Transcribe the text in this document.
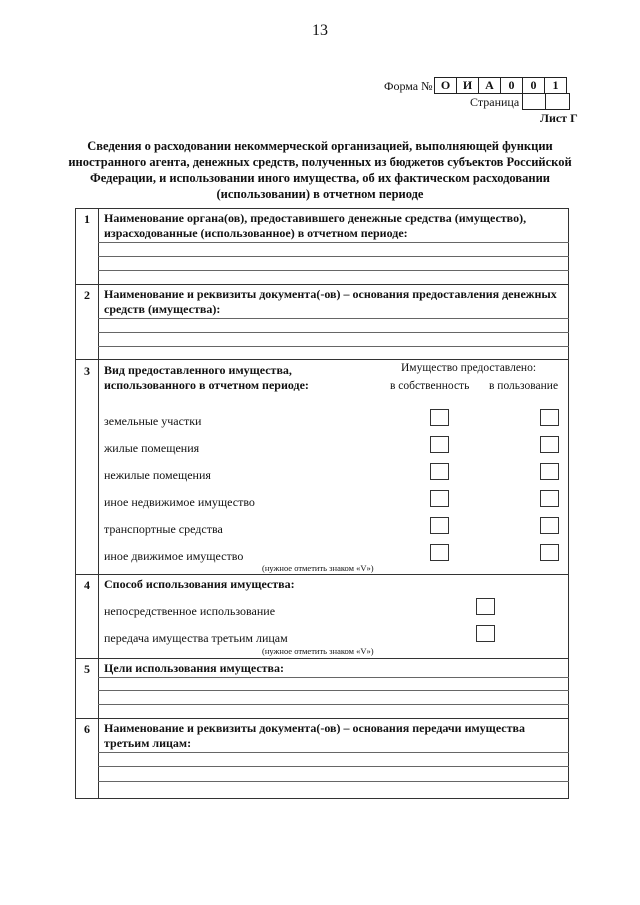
13
Форма № О	И	А	0	0	1
Страница
Лист Г
Сведения о расходовании некоммерческой организацией, выполняющей функции иностранного агента, денежных средств, полученных из бюджетов субъектов Российской Федерации, и использовании иного имущества, об их фактическом расходовании (использовании) в отчетном периоде
1	Наименование органа(ов), предоставившего денежные средства (имущество), израсходованные (использованное) в отчетном периоде:
2	Наименование и реквизиты документа(-ов) – основания предоставления денежных средств (имущества):
3	Вид предоставленного имущества, использованного в отчетном периоде:
Имущество предоставлено:
в собственность в пользование
земельные участки
жилые помещения
нежилые помещения
иное недвижимое имущество
транспортные средства
иное движимое имущество
(нужное отметить знаком «V»)
4	Способ использования имущества:
непосредственное использование
передача имущества третьим лицам
(нужное отметить знаком «V»)
5	Цели использования имущества:
6	Наименование и реквизиты документа(-ов) – основания передачи имущества третьим лицам:
